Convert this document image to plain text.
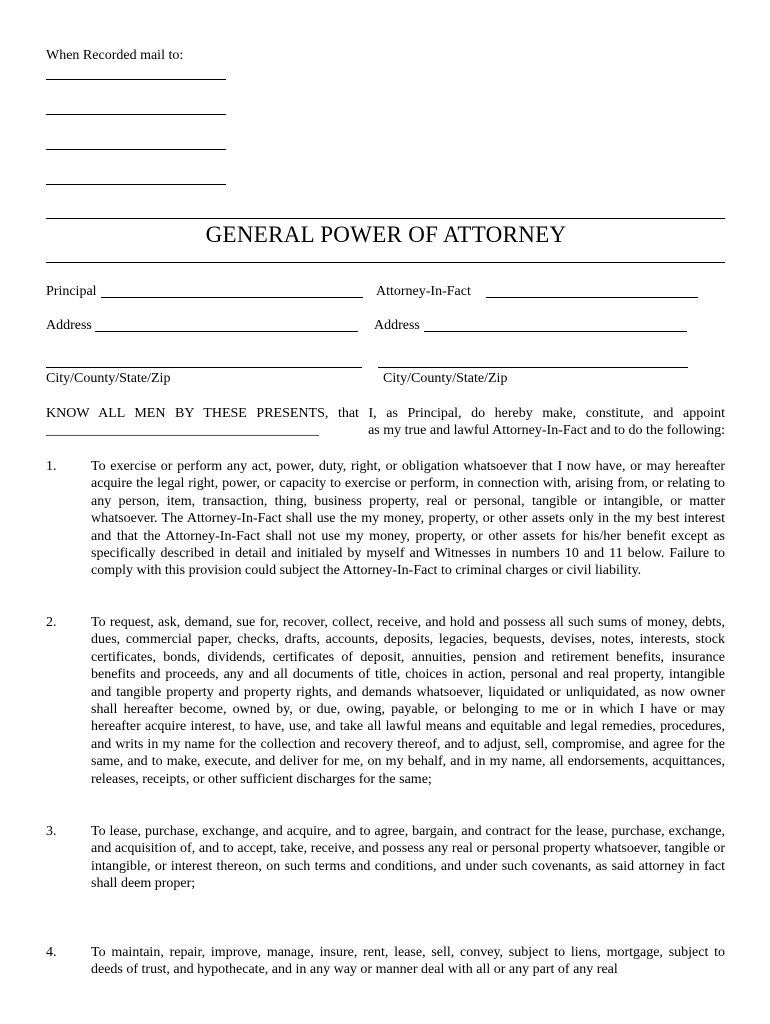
When Recorded mail to:
GENERAL POWER OF ATTORNEY
Principal	Attorney-In-Fact
Address	Address
City/County/State/Zip	City/County/State/Zip
KNOW ALL MEN BY THESE PRESENTS, that I, as Principal, do hereby make, constitute, and appoint
_______________________________________	as my true and lawful Attorney-In-Fact and to do the following:
1. To exercise or perform any act, power, duty, right, or obligation whatsoever that I now have, or may hereafter acquire the legal right, power, or capacity to exercise or perform, in connection with, arising from, or relating to any person, item, transaction, thing, business property, real or personal, tangible or intangible, or matter whatsoever. The Attorney-In-Fact shall use the my money, property, or other assets only in the my best interest and that the Attorney-In-Fact shall not use my money, property, or other assets for his/her benefit except as specifically described in detail and initialed by myself and Witnesses in numbers 10 and 11 below. Failure to comply with this provision could subject the Attorney-In-Fact to criminal charges or civil liability.
2. To request, ask, demand, sue for, recover, collect, receive, and hold and possess all such sums of money, debts, dues, commercial paper, checks, drafts, accounts, deposits, legacies, bequests, devises, notes, interests, stock certificates, bonds, dividends, certificates of deposit, annuities, pension and retirement benefits, insurance benefits and proceeds, any and all documents of title, choices in action, personal and real property, intangible and tangible property and property rights, and demands whatsoever, liquidated or unliquidated, as now owner shall hereafter become, owned by, or due, owing, payable, or belonging to me or in which I have or may hereafter acquire interest, to have, use, and take all lawful means and equitable and legal remedies, procedures, and writs in my name for the collection and recovery thereof, and to adjust, sell, compromise, and agree for the same, and to make, execute, and deliver for me, on my behalf, and in my name, all endorsements, acquittances, releases, receipts, or other sufficient discharges for the same;
3. To lease, purchase, exchange, and acquire, and to agree, bargain, and contract for the lease, purchase, exchange, and acquisition of, and to accept, take, receive, and possess any real or personal property whatsoever, tangible or intangible, or interest thereon, on such terms and conditions, and under such covenants, as said attorney in fact shall deem proper;
4. To maintain, repair, improve, manage, insure, rent, lease, sell, convey, subject to liens, mortgage, subject to deeds of trust, and hypothecate, and in any way or manner deal with all or any part of any real
